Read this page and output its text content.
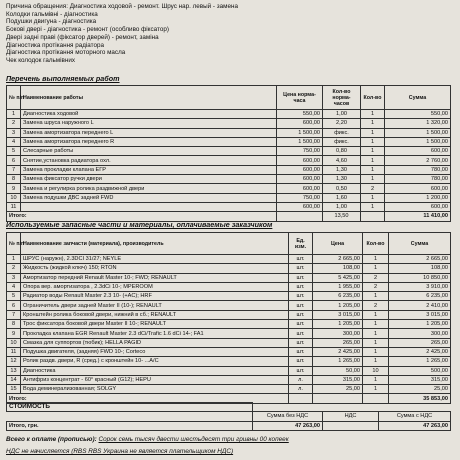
Причина обращения: Диагностика ходовой - ремонт. Шрус нар. левый - замена
Колодки гальмівні - діагностика
Подушки двигуна - діагностика
Бокові двері - діагностика - ремонт (особливо фіксатор)
Двері задні праві (фіксатор дверей) - ремонт, заміна
Діагностика протікання радіатора
Діагностика протікання моторного масла
Чек колодок гальмівних
Перечень выполняемых работ
№ п/п	Наименование работы	Цена норма-часа	Кол-во норма-часов	Кол-во	Сумма
1	Диагностика ходовой	550,00	1,00	1	550,00
2	Замена шруса наружного L	600,00	2,20	1	1 320,00
3	Замена амортизатора переднего L	1 500,00	фикс.	1	1 500,00
4	Замена амортизатора переднего R	1 500,00	фикс.	1	1 500,00
5	Слесарные работы	750,00	0,80	1	600,00
6	Снятие,установка радиатора охл.	600,00	4,60	1	2 760,00
7	Замена прокладки клапана EГР	600,00	1,30	1	780,00
8	Замена фиксатор ручки двери	600,00	1,30	1	780,00
9	Замена и регулирка ролика раздвижной двери	600,00	0,50	2	600,00
10	Замена подушки ДВС задней FWD	750,00	1,60	1	1 200,00
11		600,00	1,00	1	600,00
Итого:			13,50		11 410,00
Используемые запасные части и материалы, оплачиваемые заказчиком
№ п/п	Наименование запчасти (материала), производитель	Ед. изм.	Цена	Кол-во	Сумма
1	ШРУС (наружн), 2.3DCI 31/27; NEYLE	шт.	2 665,00	1	2 665,00
2	Жидкость (жидкой ключ) 150; RTON	шт.	108,00	1	108,00
3	Амортизатор передний Renault Master 10-; FWD; RENAULT	шт.	5 425,00	2	10 850,00
4	Опора вер. амортизатора , 2.3dCi 10-; MPEROOM	шт.	1 955,00	2	3 910,00
5	Радиатор воды Renault Master 2.3 10- (+AC); HRF	шт.	6 235,00	1	6 235,00
6	Ограничитель двери задней Master II (10-); RENAULT	шт.	1 205,00	2	2 410,00
7	Кронштейн ролика боковой двери, нижний в сб.; RENAULT	шт.	3 015,00	1	3 015,00
8	Трос фиксатора боковой двери Master II 10-; RENAULT	шт.	1 205,00	1	1 205,00
9	Прокладка клапана EGR Renault Master 2.3 dCi/Trafic 1.6 dCi 14-; FA1	шт.	300,00	1	300,00
10	Смазка для суппортов (тюбик); HELLA PAGID	шт.	265,00	1	265,00
11	Подушка двигателя, (задняя) FWD 10-; Corteco	шт.	2 425,00	1	2 425,00
12	Ролик раздв. двери, R (сред.) с кронштейн 10- ...A/C	шт.	1 265,00	1	1 265,00
13	Диагностика	шт.	50,00	10	500,00
14	Антифриз концентрат - 60° красный (G12); HEPU	л.	315,00	1	315,00
15	Вода деминерализованная; SOLGY	л.	25,00	1	25,00
Итого:					35 853,00
СТОИМОСТЬ			
	Сумма без НДС	НДС	Сумма с НДС
Итого, грн.	47 263,00		47 263,00
Всего к оплате (прописью): Сорок семь тысяч двести шестьдесят три гривны 00 копеек
НДС не начисляется (RBS RBS Украина не является плательщиком НДС)
